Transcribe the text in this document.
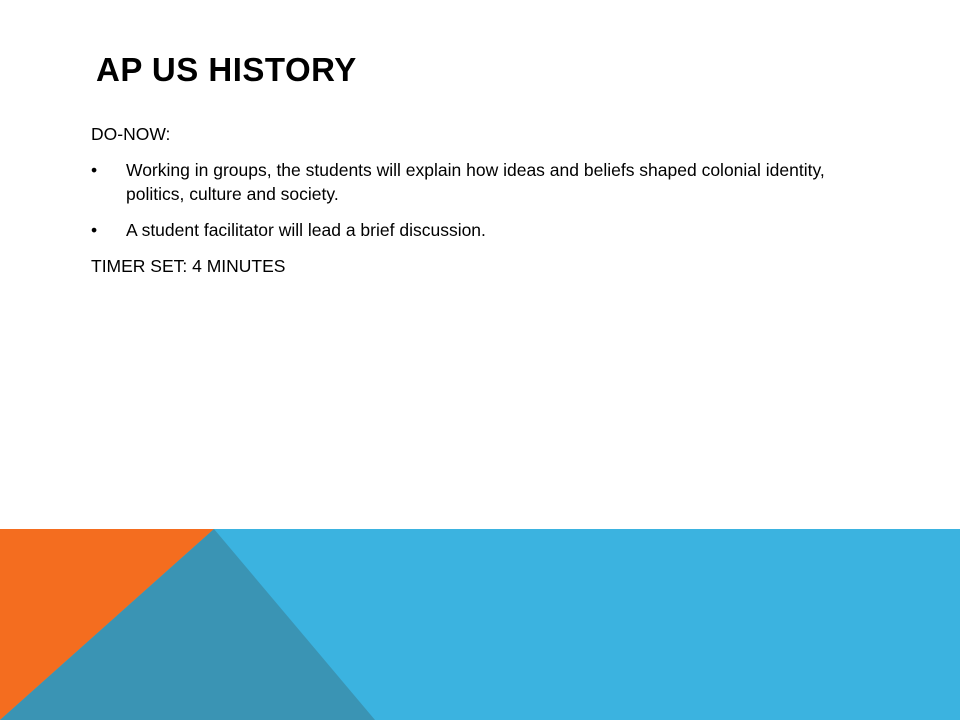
AP US HISTORY

DO-NOW:

• Working in groups, the students will explain how ideas and beliefs shaped colonial identity, politics, culture and society.
• A student facilitator will lead a brief discussion.

TIMER SET: 4 MINUTES
